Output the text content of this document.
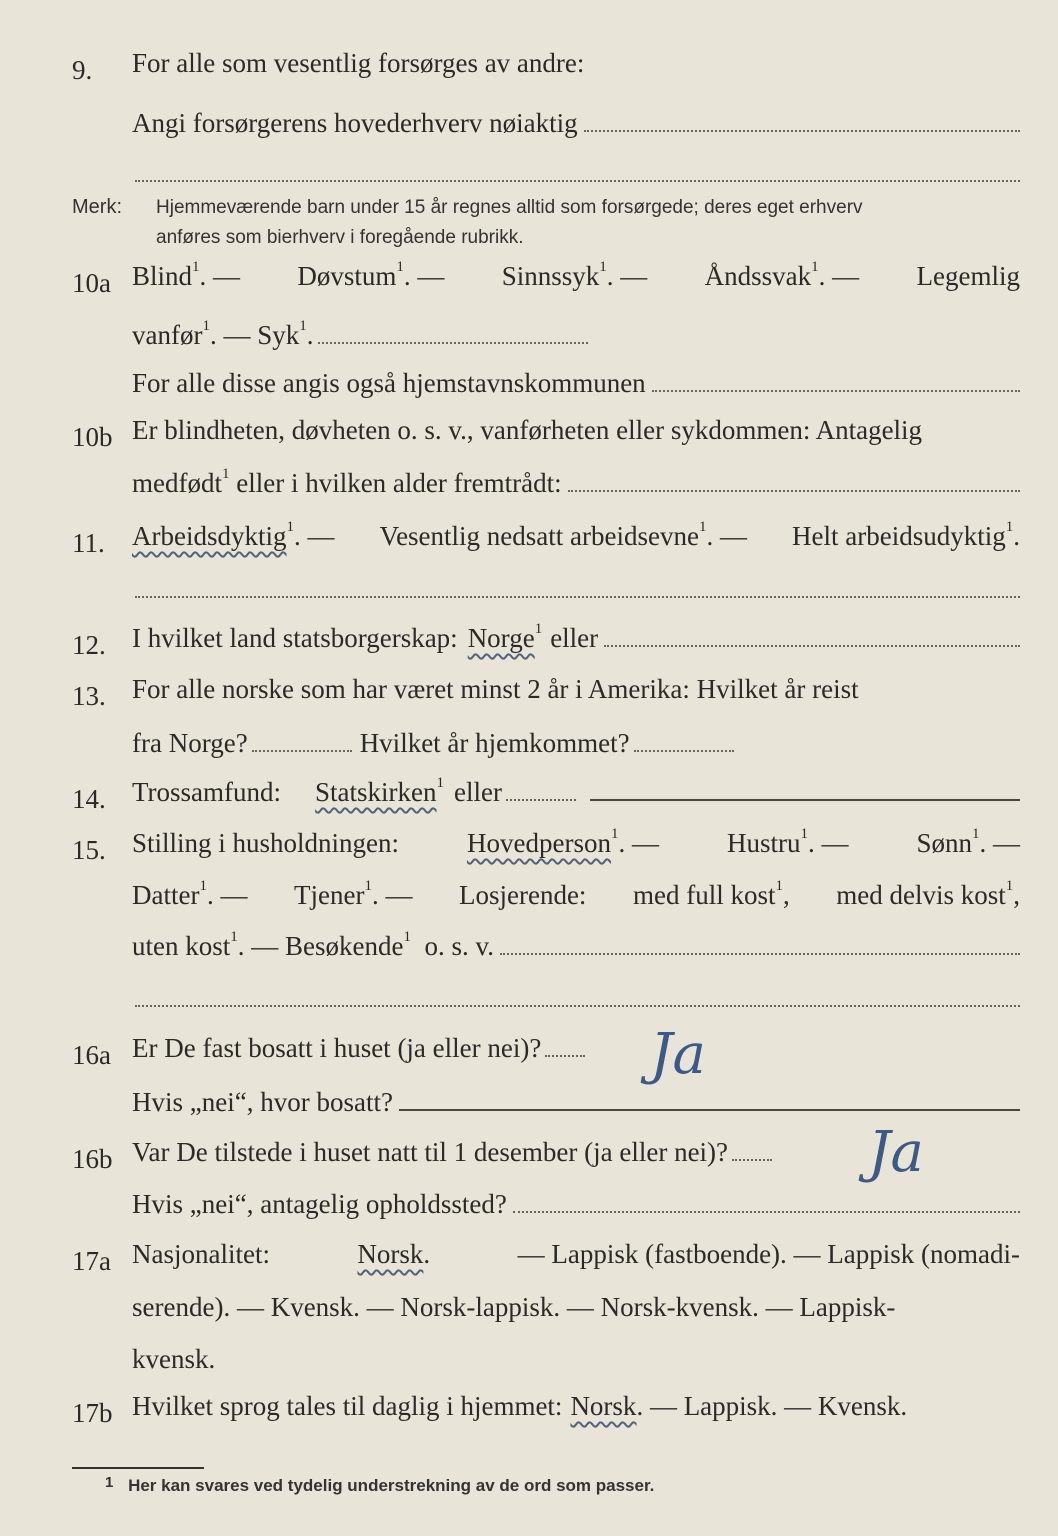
9. For alle som vesentlig forsørges av andre:
Angi forsørgerens hovederhverv nøiaktig
Merk: Hjemmeværende barn under 15 år regnes alltid som forsørgede; deres eget erhverv
anføres som bierhverv i foregående rubrikk.
10a Blind$^1$. — Døvstum$^1$. — Sinnssyk$^1$. — Åndssvak$^1$. — Legemlig
vanfør$^1$. — Syk$^1$.
For alle disse angis også hjemstavnskommunen
10b Er blindheten, døvheten o. s. v., vanførheten eller sykdommen: Antagelig
medfødt$^1$ eller i hvilken alder fremtrådt:
11. Arbeidsdyktig$^1$. — Vesentlig nedsatt arbeidsevne$^1$. — Helt arbeidsudyktig$^1$.
12. I hvilket land statsborgerskap: Norge$^1$ eller
13. For alle norske som har været minst 2 år i Amerika: Hvilket år reist
fra Norge?	Hvilket år hjemkommet?
14. Trossamfund: Statskirken$^1$ eller
15. Stilling i husholdningen:	Hovedperson$^1$. —	Hustru$^1$. —	Sønn$^1$. —
Datter$^1$. — Tjener$^1$. — Losjerende: med full kost$^1$, med delvis kost$^1$,
uten kost$^1$. — Besøkende$^1$ o. s. v.
16a Er De fast bosatt i huset (ja eller nei)? Ja
Hvis „nei“, hvor bosatt?
16b Var De tilstede i huset natt til 1 desember (ja eller nei)? Ja
Hvis „nei“, antagelig opholdssted?
17a Nasjonalitet:	Norsk.	— Lappisk (fastboende). — Lappisk (nomadi-
serende). — Kvensk. — Norsk-lappisk. — Norsk-kvensk. — Lappisk-
kvensk.
17b Hvilket sprog tales til daglig i hjemmet: Norsk . — Lappisk. — Kvensk.
$^1$ Her kan svares ved tydelig understrekning av de ord som passer.
